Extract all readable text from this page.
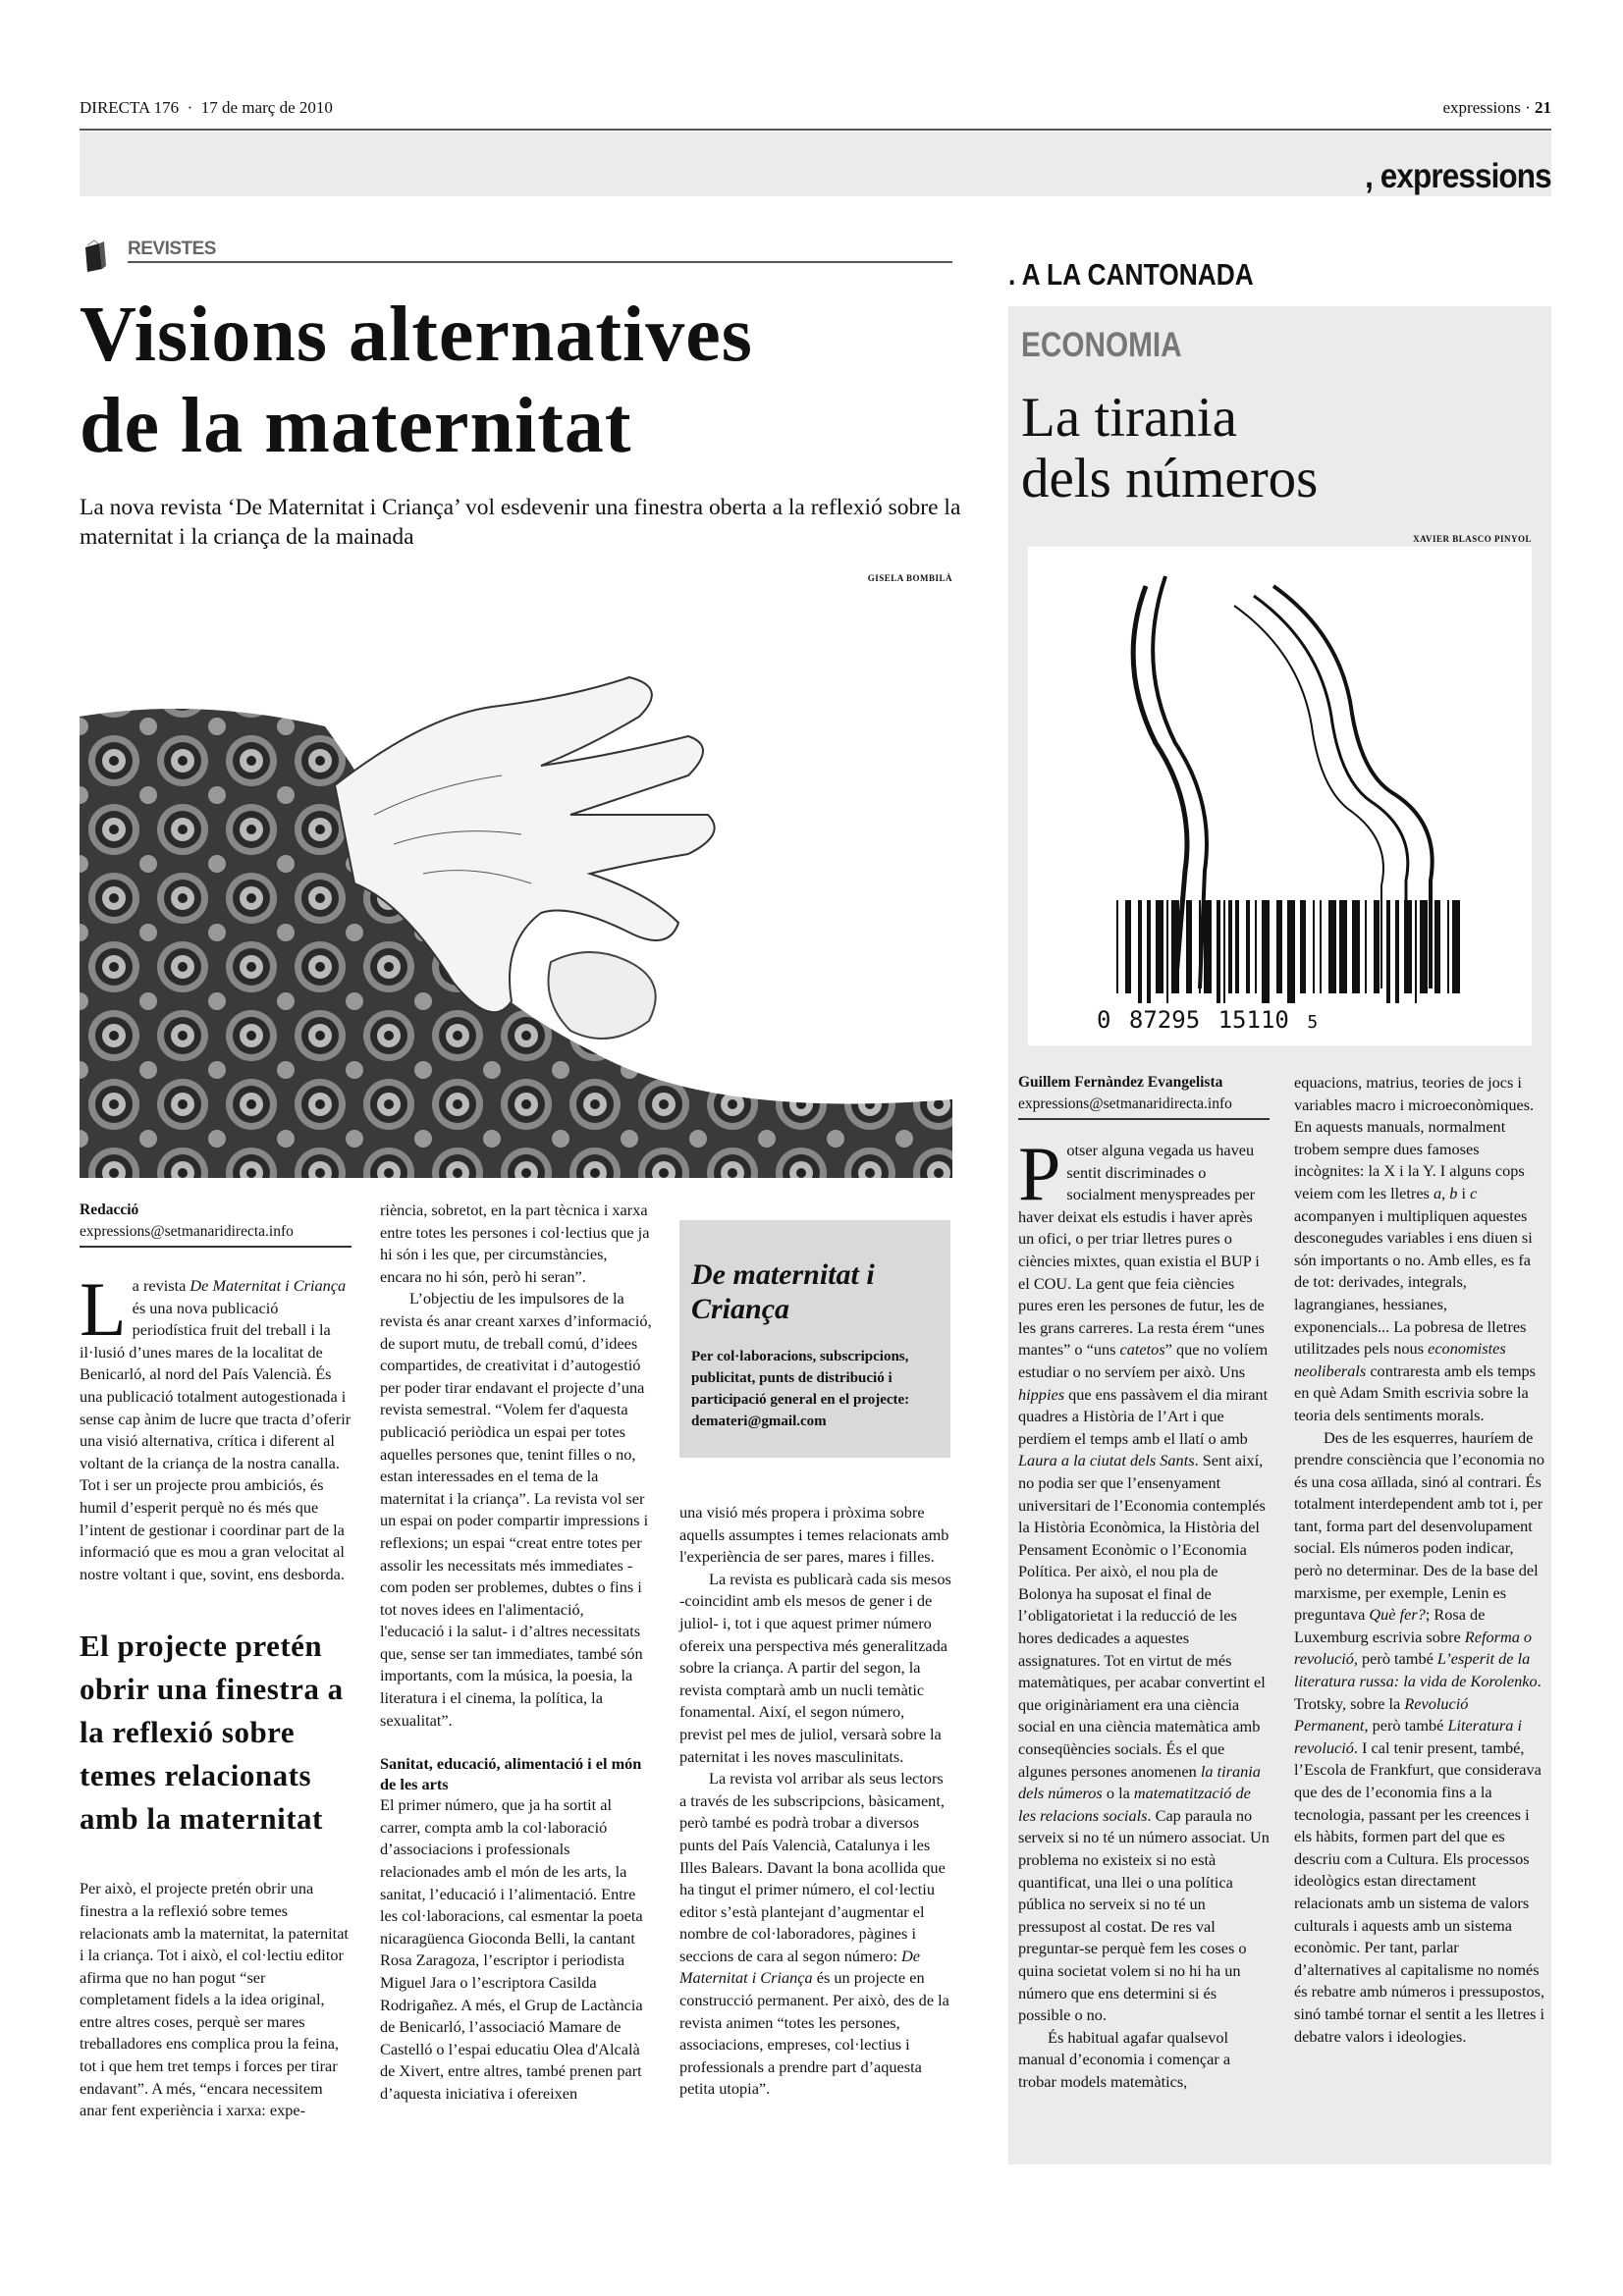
DIRECTA 176 · 17 de març de 2010	expressions · 21
, expressions
REVISTES
Visions alternatives
de la maternitat
La nova revista ‘De Maternitat i Criança’ vol esdevenir una finestra oberta a la reflexió sobre la maternitat i la criança de la mainada
GISELA BOMBILÀ
Redacció
expressions@setmanaridirecta.info

La revista De Maternitat i Criança és una nova publicació periodística fruit del treball i la il·lusió d’unes mares de la localitat de Benicarló, al nord del País Valencià. És una publicació totalment autogestionada i sense cap ànim de lucre que tracta d’oferir una visió alternativa, crítica i diferent al voltant de la criança de la nostra canalla. Tot i ser un projecte prou ambiciós, és humil d’esperit perquè no és més que l’intent de gestionar i coordinar part de la informació que es mou a gran velocitat al nostre voltant i que, sovint, ens desborda.

El projecte pretén obrir una finestra a la reflexió sobre temes relacionats amb la maternitat

Per això, el projecte pretén obrir una finestra a la reflexió sobre temes relacionats amb la maternitat, la paternitat i la criança. Tot i això, el col·lectiu editor afirma que no han pogut “ser completament fidels a la idea original, entre altres coses, perquè ser mares treballadores ens complica prou la feina, tot i que hem tret temps i forces per tirar endavant”. A més, “encara necessitem anar fent experiència i xarxa: expe-

riència, sobretot, en la part tècnica i xarxa entre totes les persones i col·lectius que ja hi són i les que, per circumstàncies, encara no hi són, però hi seran”.

L’objectiu de les impulsores de la revista és anar creant xarxes d’informació, de suport mutu, de treball comú, d’idees compartides, de creativitat i d’autogestió per poder tirar endavant el projecte d’una revista semestral. “Volem fer d'aquesta publicació periòdica un espai per totes aquelles persones que, tenint filles o no, estan interessades en el tema de la maternitat i la criança”. La revista vol ser un espai on poder compartir impressions i reflexions; un espai “creat entre totes per assolir les necessitats més immediates -com poden ser problemes, dubtes o fins i tot noves idees en l'alimentació, l'educació i la salut- i d’altres necessitats que, sense ser tan immediates, també són importants, com la música, la poesia, la literatura i el cinema, la política, la sexualitat”.

Sanitat, educació, alimentació i el món de les arts

El primer número, que ja ha sortit al carrer, compta amb la col·laboració d’associacions i professionals relacionades amb el món de les arts, la sanitat, l’educació i l’alimentació. Entre les col·laboracions, cal esmentar la poeta nicaragüenca Gioconda Belli, la cantant Rosa Zaragoza, l’escriptor i periodista Miguel Jara o l’escriptora Casilda Rodrigañez. A més, el Grup de Lactància de Benicarló, l’associació Mamare de Castelló o l’espai educatiu Olea d'Alcalà de Xivert, entre altres, també prenen part d’aquesta iniciativa i ofereixen

De maternitat i Criança
Per col·laboracions, subscripcions, publicitat, punts de distribució i participació general en el projecte: demateri@gmail.com

una visió més propera i pròxima sobre aquells assumptes i temes relacionats amb l'experiència de ser pares, mares i filles.

La revista es publicarà cada sis mesos -coincidint amb els mesos de gener i de juliol- i, tot i que aquest primer número ofereix una perspectiva més generalitzada sobre la criança. A partir del segon, la revista comptarà amb un nucli temàtic fonamental. Així, el segon número, previst pel mes de juliol, versarà sobre la paternitat i les noves masculinitats.

La revista vol arribar als seus lectors a través de les subscripcions, bàsicament, però també es podrà trobar a diversos punts del País Valencià, Catalunya i les Illes Balears. Davant la bona acollida que ha tingut el primer número, el col·lectiu editor s’està plantejant d’augmentar el nombre de col·laboradores, pàgines i seccions de cara al segon número: De Maternitat i Criança és un projecte en construcció permanent. Per això, des de la revista animen “totes les persones, associacions, empreses, col·lectius i professionals a prendre part d’aquesta petita utopia”.

. A LA CANTONADA
ECONOMIA
La tirania
dels números
XAVIER BLASCO PINYOL
0 87295 15110 5
Guillem Fernàndez Evangelista
expressions@setmanaridirecta.info

Potser alguna vegada us haveu sentit discriminades o socialment menyspreades per haver deixat els estudis i haver après un ofici, o per triar lletres pures o ciències mixtes, quan existia el BUP i el COU. La gent que feia ciències pures eren les persones de futur, les de les grans carreres. La resta érem “unes mantes” o “uns catetos” que no volíem estudiar o no servíem per això. Uns hippies que ens passàvem el dia mirant quadres a Història de l’Art i que perdíem el temps amb el llatí o amb Laura a la ciutat dels Sants. Sent així, no podia ser que l’ensenyament universitari de l’Economia contemplés la Història Econòmica, la Història del Pensament Econòmic o l’Economia Política. Per això, el nou pla de Bolonya ha suposat el final de l’obligatorietat i la reducció de les hores dedicades a aquestes assignatures. Tot en virtut de més matemàtiques, per acabar convertint el que originàriament era una ciència social en una ciència matemàtica amb conseqüències socials. És el que algunes persones anomenen la tirania dels números o la matematització de les relacions socials. Cap paraula no serveix si no té un número associat. Un problema no existeix si no està quantificat, una llei o una política pública no serveix si no té un pressupost al costat. De res val preguntar-se perquè fem les coses o quina societat volem si no hi ha un número que ens determini si és possible o no.

És habitual agafar qualsevol manual d’economia i començar a trobar models matemàtics,

equacions, matrius, teories de jocs i variables macro i microeconòmiques. En aquests manuals, normalment trobem sempre dues famoses incògnites: la X i la Y. I alguns cops veiem com les lletres a, b i c acompanyen i multipliquen aquestes desconegudes variables i ens diuen si són importants o no. Amb elles, es fa de tot: derivades, integrals, lagrangianes, hessianes, exponencials... La pobresa de lletres utilitzades pels nous economistes neoliberals contraresta amb els temps en què Adam Smith escrivia sobre la teoria dels sentiments morals.

Des de les esquerres, hauríem de prendre consciència que l’economia no és una cosa aïllada, sinó al contrari. És totalment interdependent amb tot i, per tant, forma part del desenvolupament social. Els números poden indicar, però no determinar. Des de la base del marxisme, per exemple, Lenin es preguntava Què fer?; Rosa de Luxemburg escrivia sobre Reforma o revolució, però també L’esperit de la literatura russa: la vida de Korolenko. Trotsky, sobre la Revolució Permanent, però també Literatura i revolució. I cal tenir present, també, l’Escola de Frankfurt, que considerava que des de l’economia fins a la tecnologia, passant per les creences i els hàbits, formen part del que es descriu com a Cultura. Els processos ideològics estan directament relacionats amb un sistema de valors culturals i aquests amb un sistema econòmic. Per tant, parlar d’alternatives al capitalisme no només és rebatre amb números i pressupostos, sinó també tornar el sentit a les lletres i debatre valors i ideologies.
